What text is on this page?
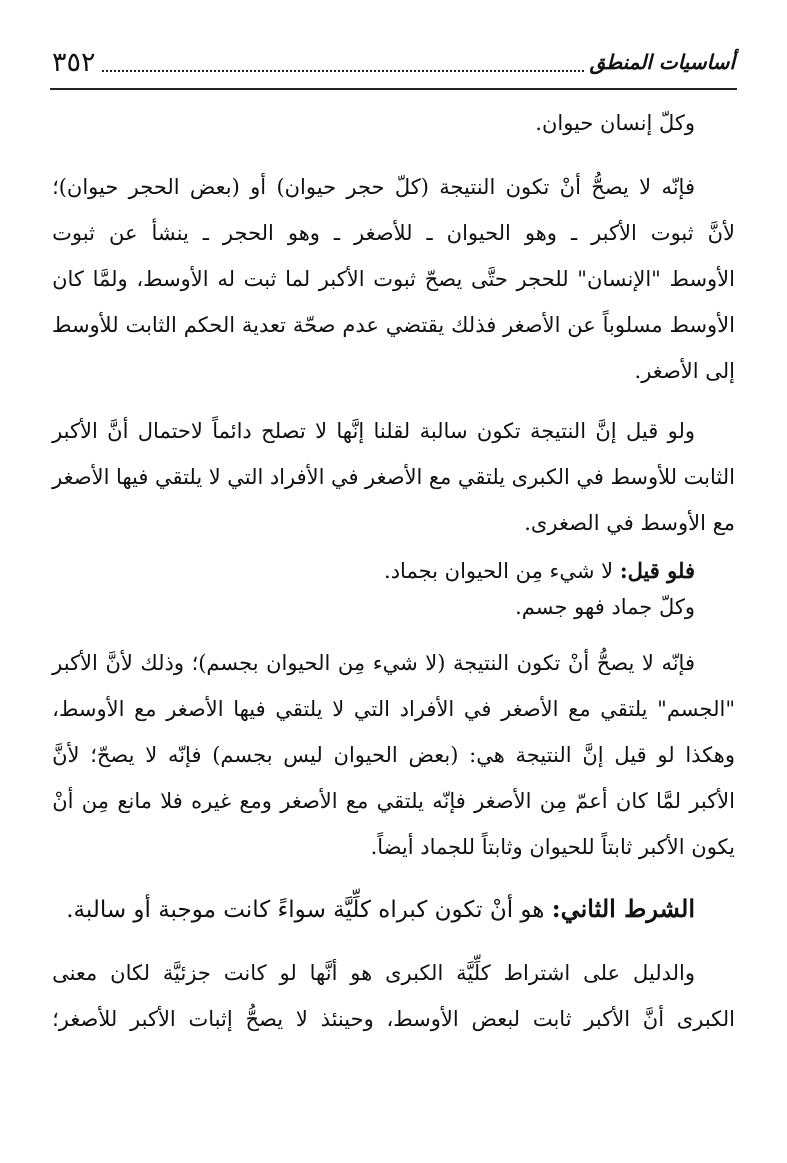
٣٥٢	أساسيات المنطق

وكلّ إنسان حيوان.

فإنّه
لا
يصحُّ
أنْ
تكون
النتيجة
(كلّ
حجر
حيوان)
أو
(بعض
الحجر
حيوان)؛
لأنَّ
ثبوت
الأكبر
ـ
وهو
الحيوان
ـ
للأصغر
ـ
وهو
الحجر
ـ
ينشأ
عن
ثبوت
الأوسط
"الإنسان"
للحجر
حتَّى
يصحّ
ثبوت
الأكبر
لما
ثبت
له
الأوسط،
ولمَّا
كان
الأوسط
مسلوباً
عن
الأصغر
فذلك
يقتضي
عدم
صحّة
تعدية
الحكم
الثابت
للأوسط

إلى الأصغر.

ولو
قيل
إنَّ
النتيجة
تكون
سالبة
لقلنا
إنَّها
لا
تصلح
دائماً
لاحتمال
أنَّ
الأكبر
الثابت
للأوسط
في
الكبرى
يلتقي
مع
الأصغر
في
الأفراد
التي
لا
يلتقي
فيها
الأصغر

مع الأوسط في الصغرى.

فلو قيل: لا شيء مِن الحيوان بجماد.

وكلّ جماد فهو جسم.

فإنّه
لا
يصحُّ
أنْ
تكون
النتيجة
(لا
شيء
مِن
الحيوان
بجسم)؛
وذلك
لأنَّ
الأكبر
"الجسم"
يلتقي
مع
الأصغر
في
الأفراد
التي
لا
يلتقي
فيها
الأصغر
مع
الأوسط،
وهكذا
لو
قيل
إنَّ
النتيجة
هي:
(بعض
الحيوان
ليس
بجسم)
فإنّه
لا
يصحّ؛
لأنَّ
الأكبر
لمَّا
كان
أعمّ
مِن
الأصغر
فإنّه
يلتقي
مع
الأصغر
ومع
غيره
فلا
مانع
مِن
أنْ

يكون الأكبر ثابتاً للحيوان وثابتاً للجماد أيضاً.

الشرط الثاني: هو أنْ تكون كبراه كلِّيَّة سواءً كانت موجبة أو سالبة.

والدليل
على
اشتراط
كلِّيَّة
الكبرى
هو
أنَّها
لو
كانت
جزئيَّة
لكان
معنى
الكبرى
أنَّ
الأكبر
ثابت
لبعض
الأوسط،
وحينئذ
لا
يصحُّ
إثبات
الأكبر
للأصغر؛
